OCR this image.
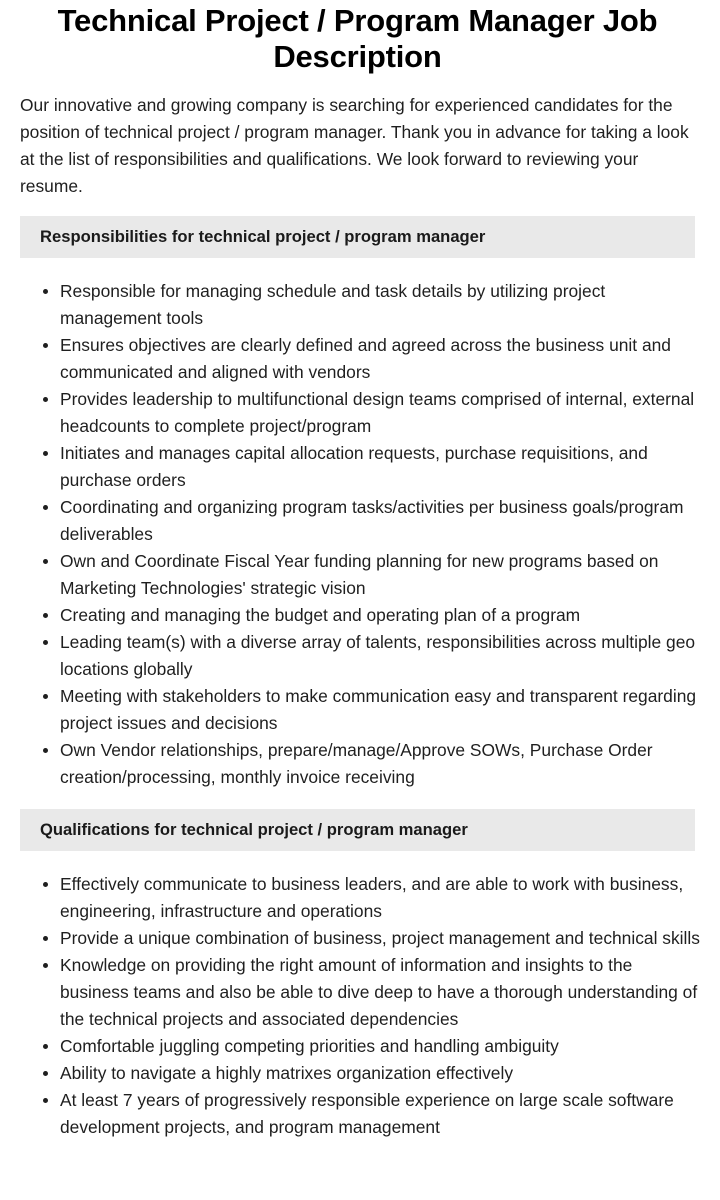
Technical Project / Program Manager Job Description

Our innovative and growing company is searching for experienced candidates for the position of technical project / program manager. Thank you in advance for taking a look at the list of responsibilities and qualifications. We look forward to reviewing your resume.

Responsibilities for technical project / program manager
Responsible for managing schedule and task details by utilizing project management tools
Ensures objectives are clearly defined and agreed across the business unit and communicated and aligned with vendors
Provides leadership to multifunctional design teams comprised of internal, external headcounts to complete project/program
Initiates and manages capital allocation requests, purchase requisitions, and purchase orders
Coordinating and organizing program tasks/activities per business goals/program deliverables
Own and Coordinate Fiscal Year funding planning for new programs based on Marketing Technologies' strategic vision
Creating and managing the budget and operating plan of a program
Leading team(s) with a diverse array of talents, responsibilities across multiple geo locations globally
Meeting with stakeholders to make communication easy and transparent regarding project issues and decisions
Own Vendor relationships, prepare/manage/Approve SOWs, Purchase Order creation/processing, monthly invoice receiving
Qualifications for technical project / program manager
Effectively communicate to business leaders, and are able to work with business, engineering, infrastructure and operations
Provide a unique combination of business, project management and technical skills
Knowledge on providing the right amount of information and insights to the business teams and also be able to dive deep to have a thorough understanding of the technical projects and associated dependencies
Comfortable juggling competing priorities and handling ambiguity
Ability to navigate a highly matrixes organization effectively
At least 7 years of progressively responsible experience on large scale software development projects, and program management
